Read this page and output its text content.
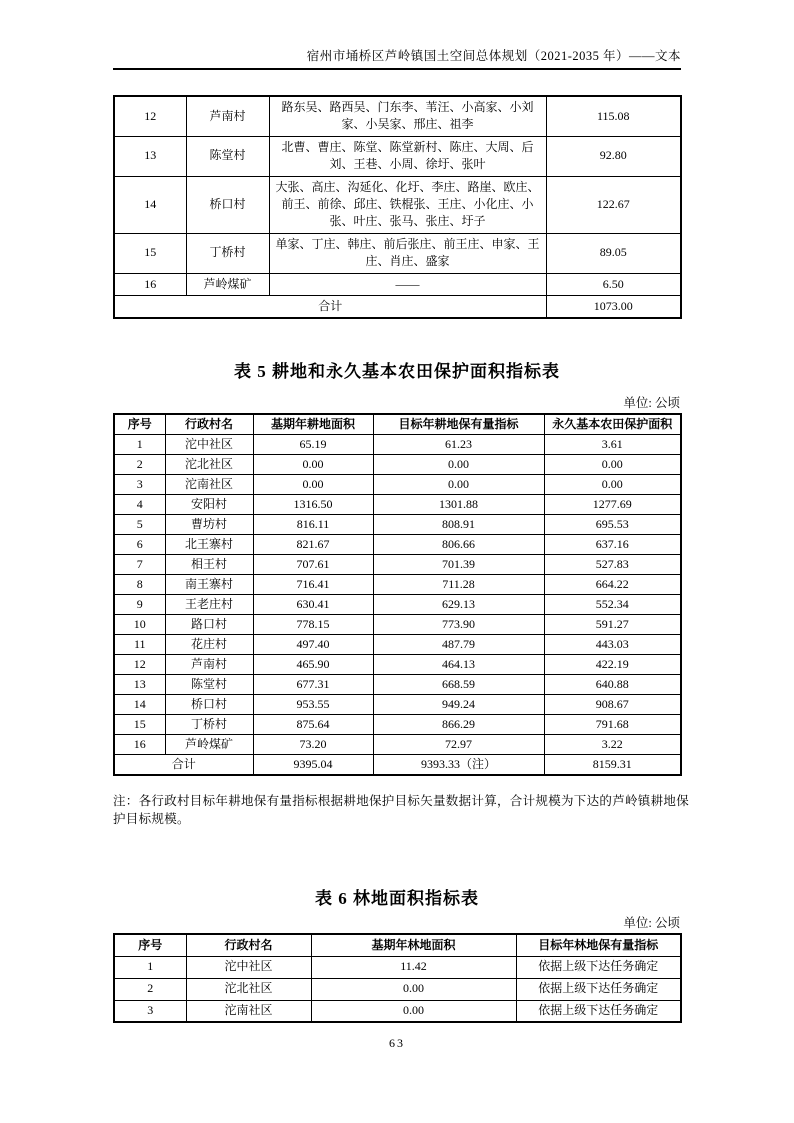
宿州市埇桥区芦岭镇国土空间总体规划（2021-2035 年）——文本
12	芦南村	路东吴、路西吴、门东李、苇汪、小高家、小刘家、小吴家、邢庄、祖李	115.08
13	陈堂村	北曹、曹庄、陈堂、陈堂新村、陈庄、大周、后刘、王巷、小周、徐圩、张叶	92.80
14	桥口村	大张、高庄、沟延化、化圩、李庄、路崖、欧庄、前王、前徐、邱庄、铁棍张、王庄、小化庄、小张、叶庄、张马、张庄、圩子	122.67
15	丁桥村	单家、丁庄、韩庄、前后张庄、前王庄、申家、王庄、肖庄、盛家	89.05
16	芦岭煤矿	——	6.50
合计			1073.00
表 5 耕地和永久基本农田保护面积指标表
单位: 公顷
序号	行政村名	基期年耕地面积	目标年耕地保有量指标	永久基本农田保护面积
1	沱中社区	65.19	61.23	3.61
2	沱北社区	0.00	0.00	0.00
3	沱南社区	0.00	0.00	0.00
4	安阳村	1316.50	1301.88	1277.69
5	曹坊村	816.11	808.91	695.53
6	北王寨村	821.67	806.66	637.16
7	相王村	707.61	701.39	527.83
8	南王寨村	716.41	711.28	664.22
9	王老庄村	630.41	629.13	552.34
10	路口村	778.15	773.90	591.27
11	花庄村	497.40	487.79	443.03
12	芦南村	465.90	464.13	422.19
13	陈堂村	677.31	668.59	640.88
14	桥口村	953.55	949.24	908.67
15	丁桥村	875.64	866.29	791.68
16	芦岭煤矿	73.20	72.97	3.22
合计		9395.04	9393.33（注）	8159.31
注：各行政村目标年耕地保有量指标根据耕地保护目标矢量数据计算，合计规模为下达的芦岭镇耕地保护目标规模。
表 6 林地面积指标表
单位: 公顷
序号	行政村名	基期年林地面积	目标年林地保有量指标
1	沱中社区	11.42	依据上级下达任务确定
2	沱北社区	0.00	依据上级下达任务确定
3	沱南社区	0.00	依据上级下达任务确定
63
